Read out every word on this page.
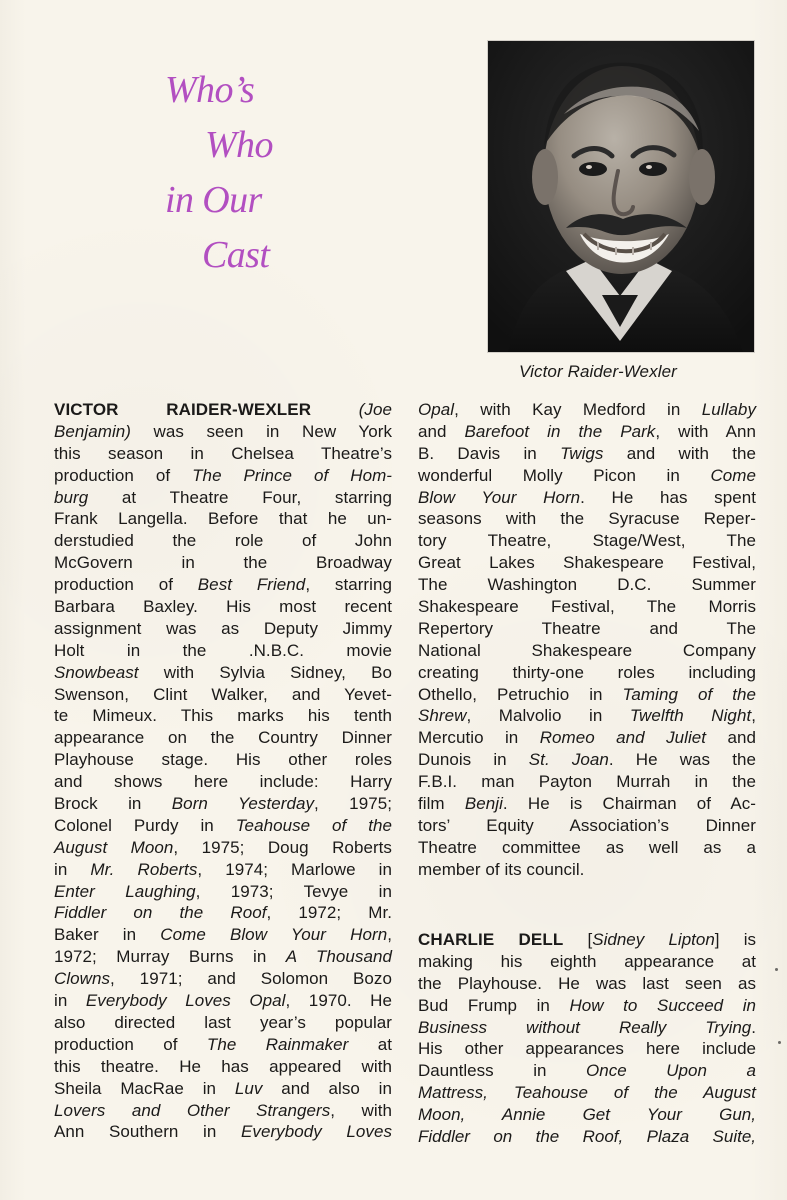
Who’s
Who
in Our
Cast
Victor Raider-Wexler
VICTOR RAIDER-WEXLER (Joe
Benjamin) was seen in New York
this season in Chelsea Theatre’s
production of The Prince of Hom-
burg at Theatre Four, starring
Frank Langella. Before that he un-
derstudied the role of John
McGovern in the Broadway
production of Best Friend, starring
Barbara Baxley. His most recent
assignment was as Deputy Jimmy
Holt in the .N.B.C. movie
Snowbeast with Sylvia Sidney, Bo
Swenson, Clint Walker, and Yevet-
te Mimeux. This marks his tenth
appearance on the Country Dinner
Playhouse stage. His other roles
and shows here include: Harry
Brock in Born Yesterday, 1975;
Colonel Purdy in Teahouse of the
August Moon, 1975; Doug Roberts
in Mr. Roberts, 1974; Marlowe in
Enter Laughing, 1973; Tevye in
Fiddler on the Roof, 1972; Mr.
Baker in Come Blow Your Horn,
1972; Murray Burns in A Thousand
Clowns, 1971; and Solomon Bozo
in Everybody Loves Opal, 1970. He
also directed last year’s popular
production of The Rainmaker at
this theatre. He has appeared with
Sheila MacRae in Luv and also in
Lovers and Other Strangers, with
Ann Southern in Everybody Loves
Opal, with Kay Medford in Lullaby
and Barefoot in the Park, with Ann
B. Davis in Twigs and with the
wonderful Molly Picon in Come
Blow Your Horn. He has spent
seasons with the Syracuse Reper-
tory Theatre, Stage/West, The
Great Lakes Shakespeare Festival,
The Washington D.C. Summer
Shakespeare Festival, The Morris
Repertory Theatre and The
National Shakespeare Company
creating thirty-one roles including
Othello, Petruchio in Taming of the
Shrew, Malvolio in Twelfth Night,
Mercutio in Romeo and Juliet and
Dunois in St. Joan. He was the
F.B.I. man Payton Murrah in the
film Benji. He is Chairman of Ac-
tors’ Equity Association’s Dinner
Theatre committee as well as a
member of its council.
CHARLIE DELL [Sidney Lipton] is
making his eighth appearance at
the Playhouse. He was last seen as
Bud Frump in How to Succeed in
Business without Really Trying.
His other appearances here include
Dauntless in Once Upon a
Mattress, Teahouse of the August
Moon, Annie Get Your Gun,
Fiddler on the Roof, Plaza Suite,
